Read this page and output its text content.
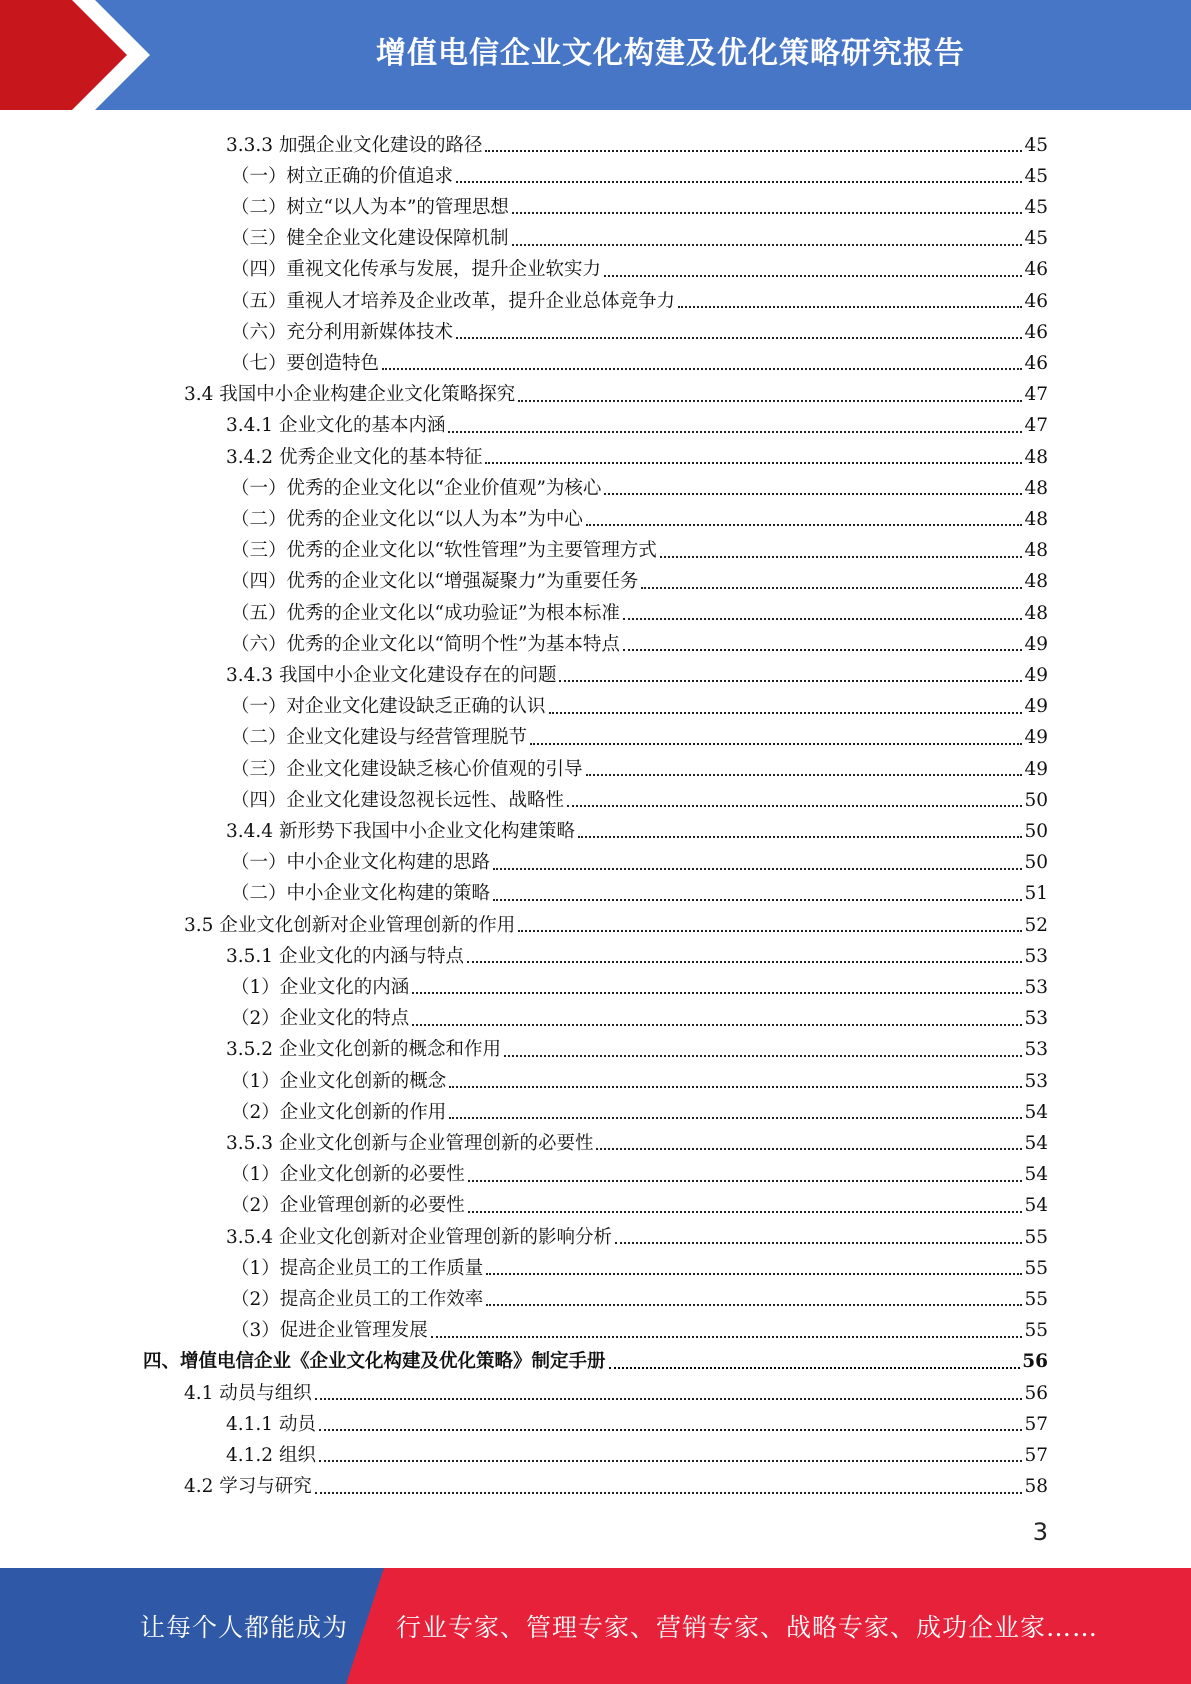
增值电信企业文化构建及优化策略研究报告
3.3.3 加强企业文化建设的路径	45
（一）树立正确的价值追求	45
（二）树立“以人为本”的管理思想	45
（三）健全企业文化建设保障机制	45
（四）重视文化传承与发展，提升企业软实力	46
（五）重视人才培养及企业改革，提升企业总体竞争力	46
（六）充分利用新媒体技术	46
（七）要创造特色	46
3.4 我国中小企业构建企业文化策略探究	47
3.4.1 企业文化的基本内涵	47
3.4.2 优秀企业文化的基本特征	48
（一）优秀的企业文化以“企业价值观”为核心	48
（二）优秀的企业文化以“以人为本”为中心	48
（三）优秀的企业文化以“软性管理”为主要管理方式	48
（四）优秀的企业文化以“增强凝聚力”为重要任务	48
（五）优秀的企业文化以“成功验证”为根本标准	48
（六）优秀的企业文化以“简明个性”为基本特点	49
3.4.3 我国中小企业文化建设存在的问题	49
（一）对企业文化建设缺乏正确的认识	49
（二）企业文化建设与经营管理脱节	49
（三）企业文化建设缺乏核心价值观的引导	49
（四）企业文化建设忽视长远性、战略性	50
3.4.4 新形势下我国中小企业文化构建策略	50
（一）中小企业文化构建的思路	50
（二）中小企业文化构建的策略	51
3.5 企业文化创新对企业管理创新的作用	52
3.5.1 企业文化的内涵与特点	53
（1）企业文化的内涵	53
（2）企业文化的特点	53
3.5.2 企业文化创新的概念和作用	53
（1）企业文化创新的概念	53
（2）企业文化创新的作用	54
3.5.3 企业文化创新与企业管理创新的必要性	54
（1）企业文化创新的必要性	54
（2）企业管理创新的必要性	54
3.5.4 企业文化创新对企业管理创新的影响分析	55
（1）提高企业员工的工作质量	55
（2）提高企业员工的工作效率	55
（3）促进企业管理发展	55
四、增值电信企业《企业文化构建及优化策略》制定手册	56
4.1 动员与组织	56
4.1.1 动员	57
4.1.2 组织	57
4.2 学习与研究	58
3
让每个人都能成为 行业专家、管理专家、营销专家、战略专家、成功企业家……
